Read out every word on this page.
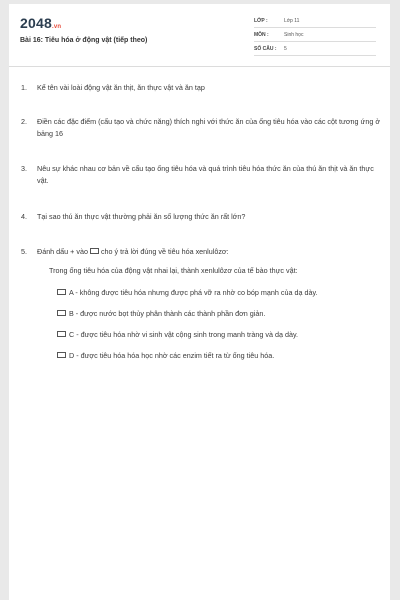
2048.vn
Bài 16: Tiêu hóa ở động vật (tiếp theo)
LỚP :	Lớp 11
MÔN :	Sinh học
SỐ CÂU : 5
1. Kể tên vài loài động vật ăn thịt, ăn thực vật và ăn tạp
2. Điền các đặc điểm (cấu tạo và chức năng) thích nghi với thức ăn của ống tiêu hóa vào các cột tương ứng ở bảng 16
3. Nêu sự khác nhau cơ bản về cấu tạo ống tiêu hóa và quá trình tiêu hóa thức ăn của thú ăn thịt và ăn thực vật.
4. Tại sao thú ăn thực vật thường phải ăn số lượng thức ăn rất lớn?
5. Đánh dấu + vào cho ý trả lời đúng về tiêu hóa xenlulôzơ:
Trong ống tiêu hóa của động vật nhai lại, thành xenlulôzơ của tế bào thực vật:
A - không được tiêu hóa nhưng được phá vỡ ra nhờ co bóp mạnh của dạ dày.
B - được nước bọt thủy phân thành các thành phần đơn giản.
C - được tiêu hóa nhờ vi sinh vật cộng sinh trong manh tràng và dạ dày.
D - được tiêu hóa hóa học nhờ các enzim tiết ra từ ống tiêu hóa.
